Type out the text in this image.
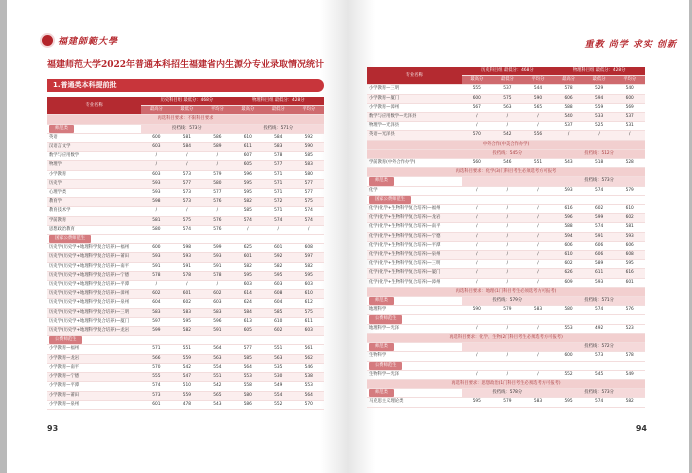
福建師範大學
福建师范大学2022年普通本科招生福建省内生源分专业录取情况统计
1.普通类本科提前批
专业名称	历史科目组 最低分：468分			物理科目组 最低分：428分		
	最高分	最低分	平均分	最高分	最低分	平均分
再选科目要求：不限科目要求						
师范类	投档线：573分			投档线：571分		
英语	600	581	586	610	584	592
汉语言文学	603	584	589	611	583	590
数学与应用数学	/	/	/	607	578	585
物理学	/	/	/	605	577	583
小学教育	603	573	579	596	571	580
历史学	593	577	580	595	571	577
心理学类	593	573	577	595	571	577
教育学	598	573	576	582	572	575
教育技术学	/	/	/	585	571	574
学前教育	581	575	576	574	574	574
思想政治教育	580	574	576	/	/	/
国家公费师范生						
历史学(历史学+地理科学复合培养)—福州	600	598	599	625	601	608
历史学(历史学+地理科学复合培养)—莆田	593	593	593	601	592	597
历史学(历史学+地理科学复合培养)—南平	591	591	591	582	582	582
历史学(历史学+地理科学复合培养)—宁德	578	578	578	595	595	595
历史学(历史学+地理科学复合培养)—平潭	/	/	/	603	603	603
历史学(历史学+地理科学复合培养)—漳州	602	601	602	614	608	610
历史学(历史学+地理科学复合培养)—泉州	604	602	603	624	604	612
历史学(历史学+地理科学复合培养)—三明	583	583	583	584	585	575
历史学(历史学+地理科学复合培养)—厦门	597	595	596	613	610	611
历史学(历史学+地理科学复合培养)—龙岩	599	582	591	605	602	603
公费师范生						
小学教育—福州	571	551	564	577	551	561
小学教育—龙岩	566	559	563	585	563	562
小学教育—南平	570	542	554	564	535	546
小学教育—宁德	555	547	551	553	530	538
小学教育—平潭	574	510	542	558	549	553
小学教育—莆田	573	559	565	580	554	564
小学教育—泉州	601	478	543	586	552	570
93
重教 尚学 求实 创新
专业名称	历史科目组 最低分：468分			物理科目组 最低分：428分		
	最高分	最低分	平均分	最高分	最低分	平均分
小学教育—三明	555	537	544	578	529	540
小学教育—厦门	600	575	590	606	594	600
小学教育—漳州	567	563	565	588	559	569
数学与应用数学—光泽县	/	/	/	540	533	537
物理学—光泽县	/	/	/	537	525	531
英语—光泽县	570	542	556	/	/	/
中外合作(中美合作办学)						
	投档线：545分			投档线：512分		
学前教育(中外合作办学)	560	546	551	543	518	528
再选科目要求：化学(3)门科目考生必须选考方可报考						
师范类				投档线：573分		
化学	/	/	/	593	574	579
国家公费师范生						
化学(化学+生物科学复合培养)—福州	/	/	/	616	602	610
化学(化学+生物科学复合培养)—龙岩	/	/	/	596	599	602
化学(化学+生物科学复合培养)—南平	/	/	/	588	574	581
化学(化学+生物科学复合培养)—宁德	/	/	/	594	591	593
化学(化学+生物科学复合培养)—平潭	/	/	/	606	606	606
化学(化学+生物科学复合培养)—泉州	/	/	/	610	606	608
化学(化学+生物科学复合培养)—三明	/	/	/	602	589	595
化学(化学+生物科学复合培养)—厦门	/	/	/	626	611	616
化学(化学+生物科学复合培养)—漳州	/	/	/	609	593	601
再选科目要求：地理(1门科目考生必须选考方可报考)						
师范类	投档线：579分			投档线：571分		
地理科学	590	579	583	580	574	576
公费师范生						
地理科学—光泽	/	/	/	553	492	523
再选科目要求：化学、生物(2门科目考生必须选考方可报考)						
师范类				投档线：572分		
生物科学	/	/	/	600	573	578
公费师范生						
生物科学—光泽	/	/	/	552	545	549
再选科目要求：思想政治(1门科目考生必须选考方可报考)						
师范类	投档线：578分			投档线：573分		
马克思主义理论类	595	579	583	595	574	582
94
